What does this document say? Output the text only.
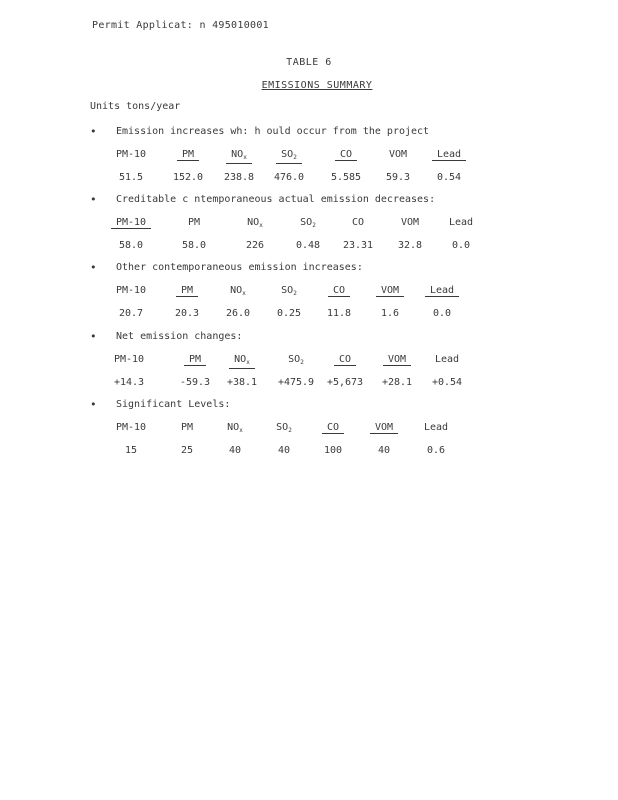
Permit Applicat: n 495010001
TABLE 6
EMISSIONS SUMMARY
Units tons/year
• Emission increases wh: h ould occur from the project
PM-10	PM	$NO_x$	$SO_2$	CO	VOM	Lead
51.5	152.0	238.8	476.0	5.585	59.3	0.54
• Creditable c ntemporaneous actual emission decreases:
PM-10	PM	$NO_x$	$SO_2$	CO	VOM	Lead
58.0	58.0	226	0.48	23.31	32.8	0.0
• Other contemporaneous emission increases:
PM-10	PM	$NO_x$	$SO_2$	CO	VOM	Lead
20.7	20.3	26.0	0.25	11.8	1.6	0.0
• Net emission changes:
PM-10	PM	$NO_x$	$SO_2$	CO	VOM	Lead
+14.3	-59.3	+38.1	+475.9	+5,673	+28.1	+0.54
• Significant Levels:
PM-10	PM	$NO_x$	$SO_2$	CO	VOM	Lead
15	25	40	40	100	40	0.6
